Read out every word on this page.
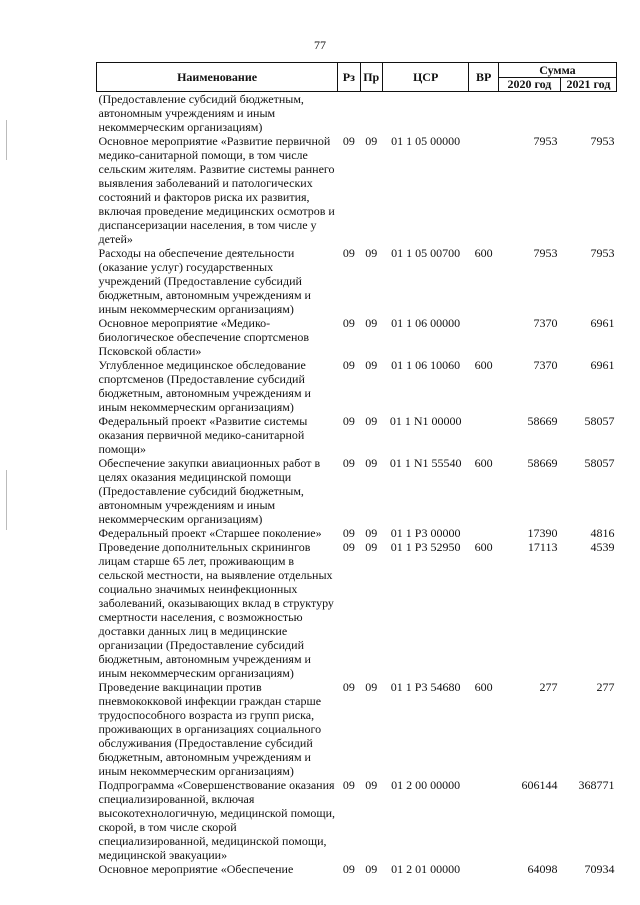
77
Наименование	Рз	Пр	ЦСР	ВР	Сумма	
					2020 год	2021 год
(Предоставление субсидий бюджетным, автономным учреждениям и иным некоммерческим организациям)						
Основное мероприятие «Развитие первичной медико-санитарной помощи, в том числе сельским жителям. Развитие системы раннего выявления заболеваний и патологических состояний и факторов риска их развития, включая проведение медицинских осмотров и диспансеризации населения, в том числе у детей»	09	09	01 1 05 00000		7953	7953
Расходы на обеспечение деятельности (оказание услуг) государственных учреждений (Предоставление субсидий бюджетным, автономным учреждениям и иным некоммерческим организациям)	09	09	01 1 05 00700	600	7953	7953
Основное мероприятие «Медико-биологическое обеспечение спортсменов Псковской области»	09	09	01 1 06 00000		7370	6961
Углубленное медицинское обследование спортсменов (Предоставление субсидий бюджетным, автономным учреждениям и иным некоммерческим организациям)	09	09	01 1 06 10060	600	7370	6961
Федеральный проект «Развитие системы оказания первичной медико-санитарной помощи»	09	09	01 1 N1 00000		58669	58057
Обеспечение закупки авиационных работ в целях оказания медицинской помощи (Предоставление субсидий бюджетным, автономным учреждениям и иным некоммерческим организациям)	09	09	01 1 N1 55540	600	58669	58057
Федеральный проект «Старшее поколение»	09	09	01 1 P3 00000		17390	4816
Проведение дополнительных скринингов лицам старше 65 лет, проживающим в сельской местности, на выявление отдельных социально значимых неинфекционных заболеваний, оказывающих вклад в структуру смертности населения, с возможностью доставки данных лиц в медицинские организации (Предоставление субсидий бюджетным, автономным учреждениям и иным некоммерческим организациям)	09	09	01 1 P3 52950	600	17113	4539
Проведение вакцинации против пневмококковой инфекции граждан старше трудоспособного возраста из групп риска, проживающих в организациях социального обслуживания (Предоставление субсидий бюджетным, автономным учреждениям и иным некоммерческим организациям)	09	09	01 1 P3 54680	600	277	277
Подпрограмма «Совершенствование оказания специализированной, включая высокотехнологичную, медицинской помощи, скорой, в том числе скорой специализированной, медицинской помощи, медицинской эвакуации»	09	09	01 2 00 00000		606144	368771
Основное мероприятие «Обеспечение	09	09	01 2 01 00000		64098	70934
